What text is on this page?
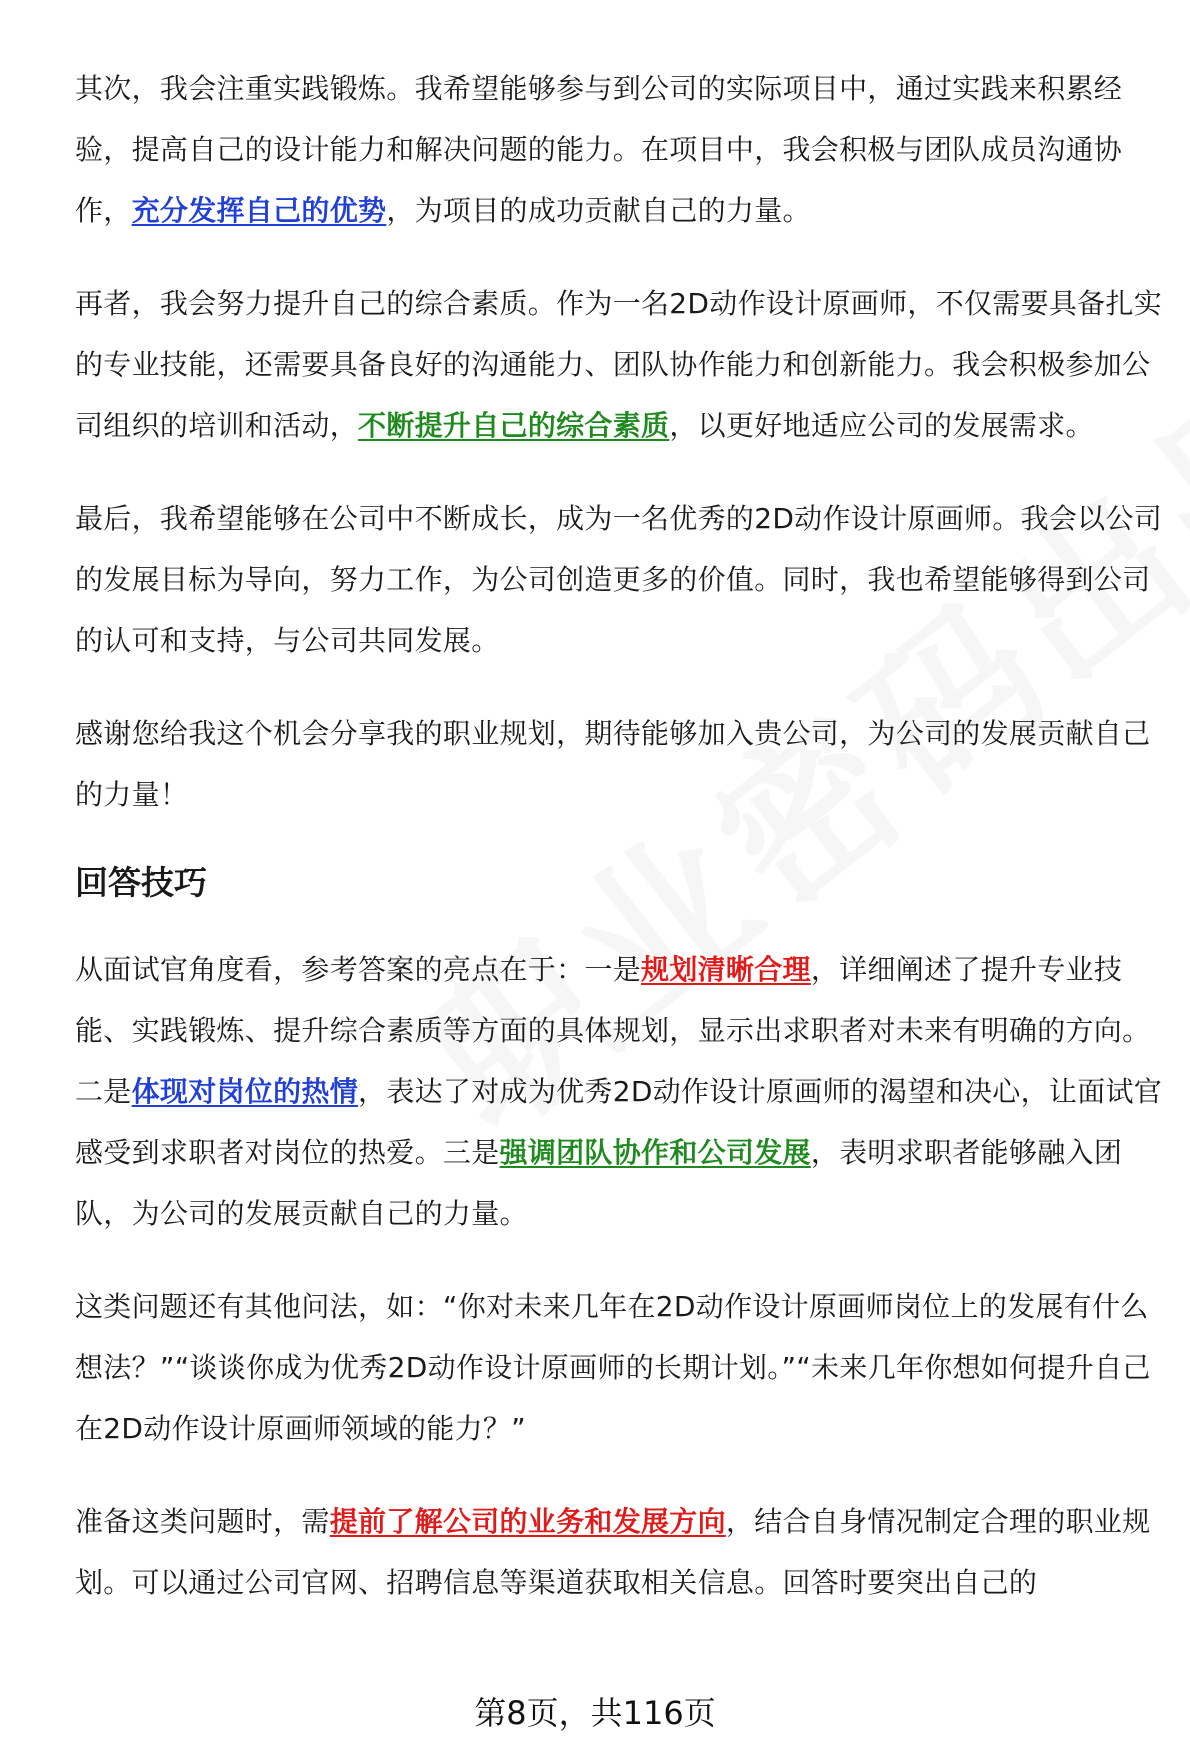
其次，我会注重实践锻炼。我希望能够参与到公司的实际项目中，通过实践来积累经验，提高自己的设计能力和解决问题的能力。在项目中，我会积极与团队成员沟通协作，充分发挥自己的优势，为项目的成功贡献自己的力量。

再者，我会努力提升自己的综合素质。作为一名2D动作设计原画师，不仅需要具备扎实的专业技能，还需要具备良好的沟通能力、团队协作能力和创新能力。我会积极参加公司组织的培训和活动，不断提升自己的综合素质，以更好地适应公司的发展需求。

最后，我希望能够在公司中不断成长，成为一名优秀的2D动作设计原画师。我会以公司的发展目标为导向，努力工作，为公司创造更多的价值。同时，我也希望能够得到公司的认可和支持，与公司共同发展。

感谢您给我这个机会分享我的职业规划，期待能够加入贵公司，为公司的发展贡献自己的力量！

回答技巧

从面试官角度看，参考答案的亮点在于：一是规划清晰合理，详细阐述了提升专业技能、实践锻炼、提升综合素质等方面的具体规划，显示出求职者对未来有明确的方向。二是体现对岗位的热情，表达了对成为优秀2D动作设计原画师的渴望和决心，让面试官感受到求职者对岗位的热爱。三是强调团队协作和公司发展，表明求职者能够融入团队，为公司的发展贡献自己的力量。

这类问题还有其他问法，如：“你对未来几年在2D动作设计原画师岗位上的发展有什么想法？”“谈谈你成为优秀2D动作设计原画师的长期计划。”“未来几年你想如何提升自己在2D动作设计原画师领域的能力？”

准备这类问题时，需提前了解公司的业务和发展方向，结合自身情况制定合理的职业规划。可以通过公司官网、招聘信息等渠道获取相关信息。回答时要突出自己的

第8页，共116页
